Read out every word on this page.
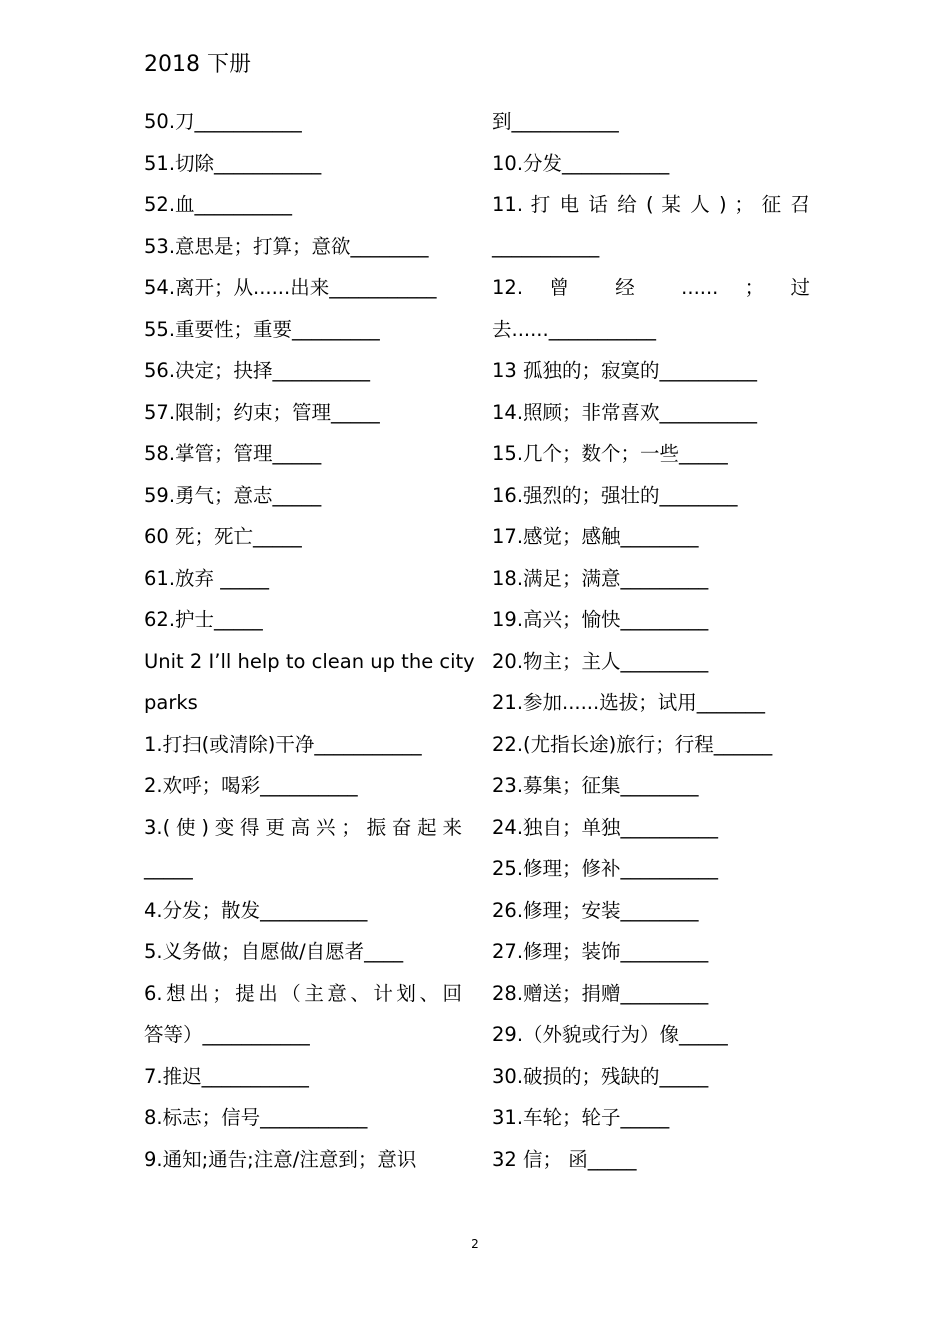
2018 下册
50.刀___________
51.切除___________
52.血__________
53.意思是；打算；意欲________
54.离开；从......出来___________
55.重要性；重要_________
56.决定；抉择__________
57.限制；约束；管理_____
58.掌管；管理_____
59.勇气；意志_____
60 死；死亡_____
61.放弃 _____
62.护士_____
Unit 2 I’ll help to clean up the city
parks
1.打扫(或清除)干净___________
2.欢呼；喝彩__________
3.(使)变得更高兴；振奋起来
_____
4.分发；散发___________
5.义务做；自愿做/自愿者____
6.想出；提出（主意、计划、回
答等）___________
7.推迟___________
8.标志；信号___________
9.通知;通告;注意/注意到；意识
到___________
10.分发___________
11. 打 电 话 给 ( 某 人 ) ； 征 召
___________
12. 曾 经 ...... ； 过
去......___________
13 孤独的；寂寞的__________
14.照顾；非常喜欢__________
15.几个；数个；一些_____
16.强烈的；强壮的________
17.感觉；感触________
18.满足；满意_________
19.高兴；愉快_________
20.物主；主人_________
21.参加......选拔；试用_______
22.(尤指长途)旅行；行程______
23.募集；征集________
24.独自；单独__________
25.修理；修补__________
26.修理；安装________
27.修理；装饰_________
28.赠送；捐赠_________
29.（外貌或行为）像_____
30.破损的；残缺的_____
31.车轮；轮子_____
32 信； 函_____
2
